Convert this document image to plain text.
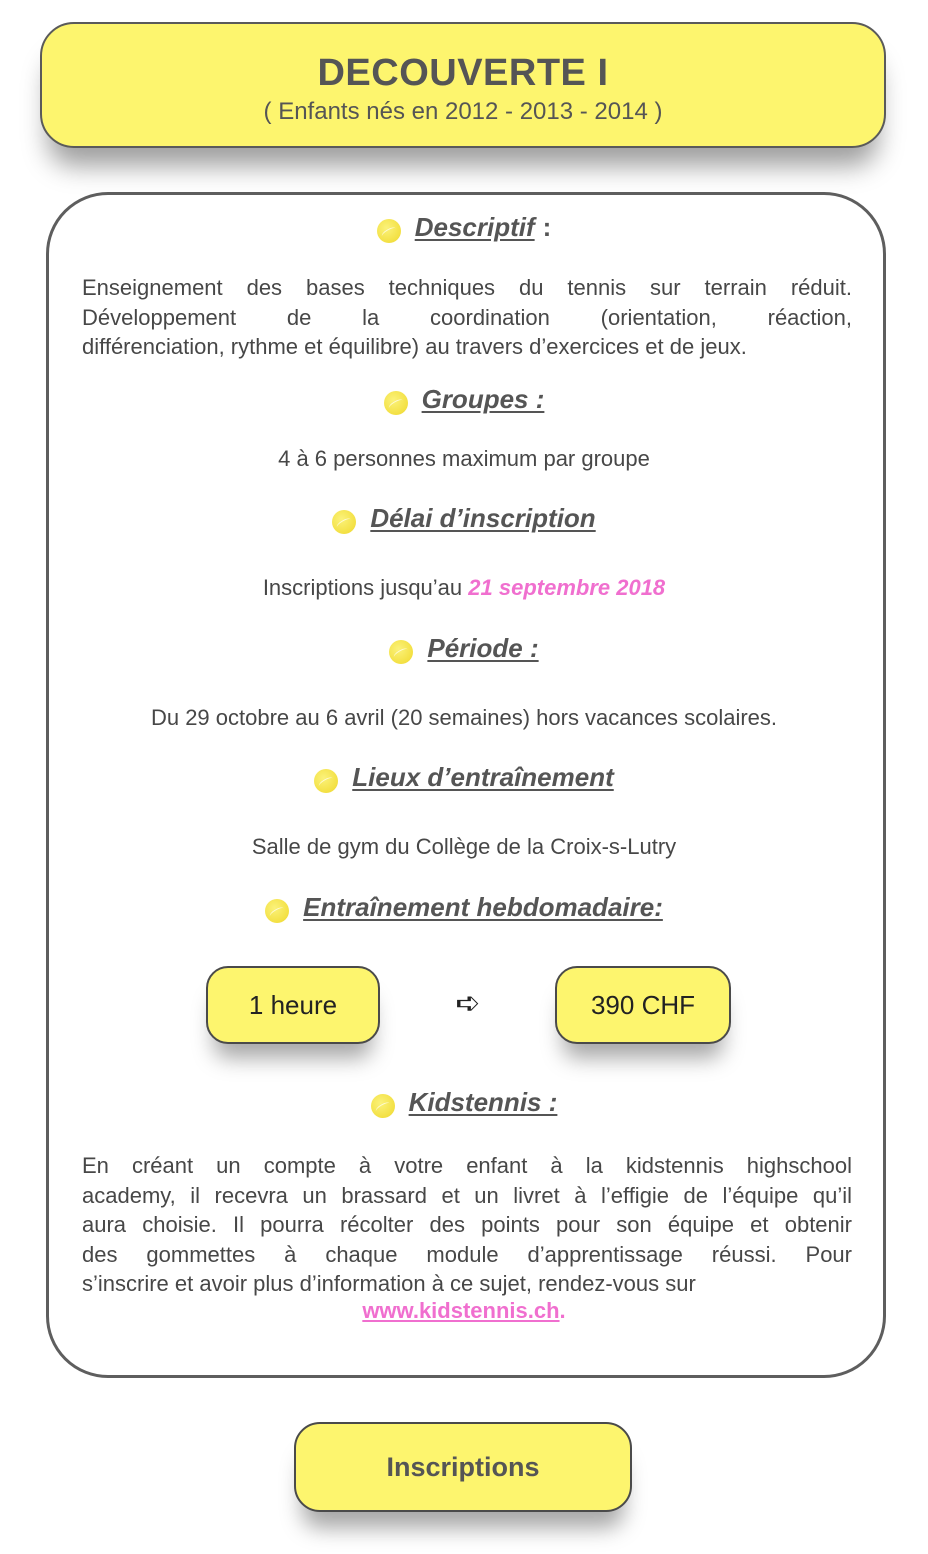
DECOUVERTE I
( Enfants nés en 2012 - 2013 - 2014 )
Descriptif :
Enseignement des bases techniques du tennis sur terrain réduit.
Développement de la coordination (orientation, réaction,
différenciation, rythme et équilibre) au travers d’exercices et de jeux.
Groupes :
4 à 6 personnes maximum par groupe
Délai d’inscription
Inscriptions jusqu’au 21 septembre 2018
Période :
Du 29 octobre au 6 avril (20 semaines) hors vacances scolaires.
Lieux d’entraînement
Salle de gym du Collège de la Croix-s-Lutry
Entraînement hebdomadaire:
1 heure	➪	390 CHF
Kidstennis :
En créant un compte à votre enfant à la kidstennis highschool
academy, il recevra un brassard et un livret à l’effigie de l’équipe qu’il
aura choisie. Il pourra récolter des points pour son équipe et obtenir
des gommettes à chaque module d’apprentissage réussi. Pour
s’inscrire et avoir plus d’information à ce sujet, rendez-vous sur
www.kidstennis.ch.
Inscriptions
